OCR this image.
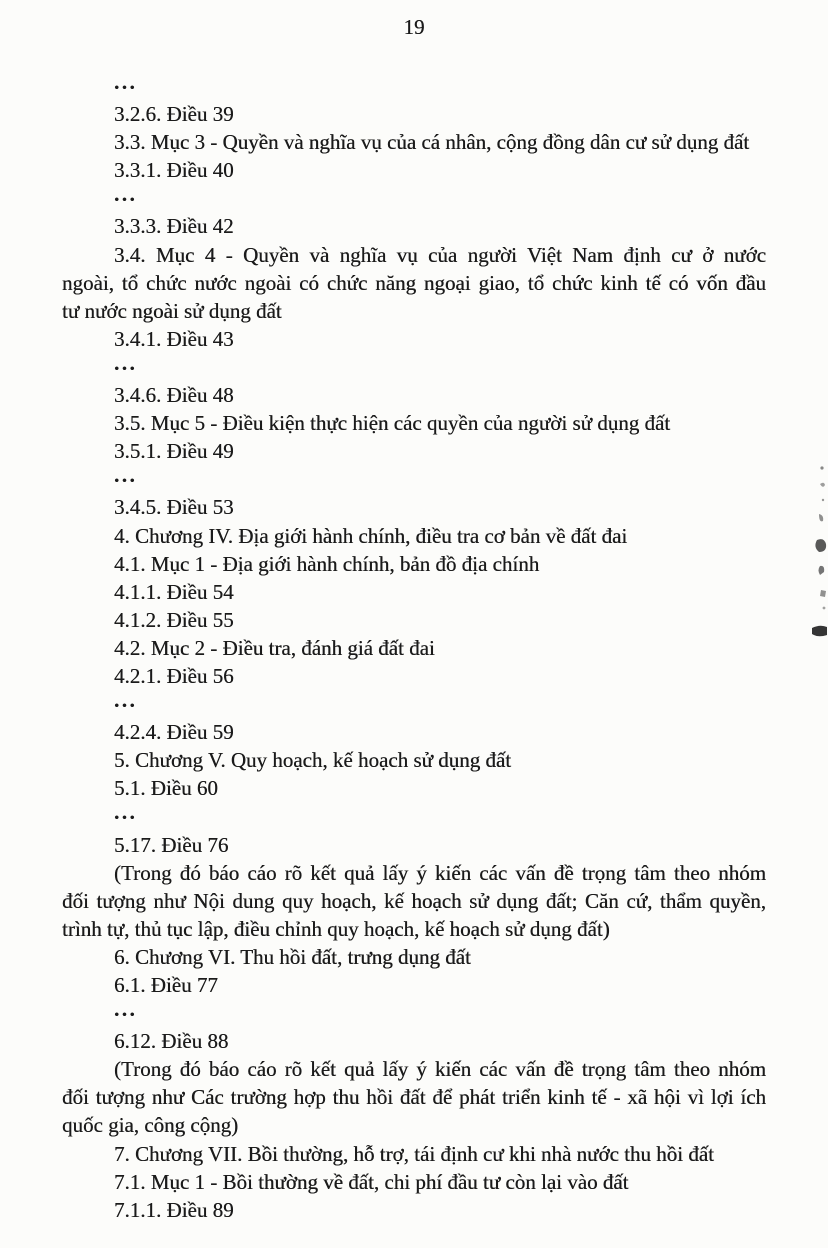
19
...
3.2.6. Điều 39
3.3. Mục 3 - Quyền và nghĩa vụ của cá nhân, cộng đồng dân cư sử dụng đất
3.3.1. Điều 40
...
3.3.3. Điều 42
3.4. Mục 4 - Quyền và nghĩa vụ của người Việt Nam định cư ở nước
ngoài, tổ chức nước ngoài có chức năng ngoại giao, tổ chức kinh tế có vốn đầu
tư nước ngoài sử dụng đất
3.4.1. Điều 43
...
3.4.6. Điều 48
3.5. Mục 5 - Điều kiện thực hiện các quyền của người sử dụng đất
3.5.1. Điều 49
...
3.4.5. Điều 53
4. Chương IV. Địa giới hành chính, điều tra cơ bản về đất đai
4.1. Mục 1 - Địa giới hành chính, bản đồ địa chính
4.1.1. Điều 54
4.1.2. Điều 55
4.2. Mục 2 - Điều tra, đánh giá đất đai
4.2.1. Điều 56
...
4.2.4. Điều 59
5. Chương V. Quy hoạch, kế hoạch sử dụng đất
5.1. Điều 60
...
5.17. Điều 76
(Trong đó báo cáo rõ kết quả lấy ý kiến các vấn đề trọng tâm theo nhóm
đối tượng như Nội dung quy hoạch, kế hoạch sử dụng đất; Căn cứ, thẩm quyền,
trình tự, thủ tục lập, điều chỉnh quy hoạch, kế hoạch sử dụng đất)
6. Chương VI. Thu hồi đất, trưng dụng đất
6.1. Điều 77
...
6.12. Điều 88
(Trong đó báo cáo rõ kết quả lấy ý kiến các vấn đề trọng tâm theo nhóm
đối tượng như Các trường hợp thu hồi đất để phát triển kinh tế - xã hội vì lợi ích
quốc gia, công cộng)
7. Chương VII. Bồi thường, hỗ trợ, tái định cư khi nhà nước thu hồi đất
7.1. Mục 1 - Bồi thường về đất, chi phí đầu tư còn lại vào đất
7.1.1. Điều 89
